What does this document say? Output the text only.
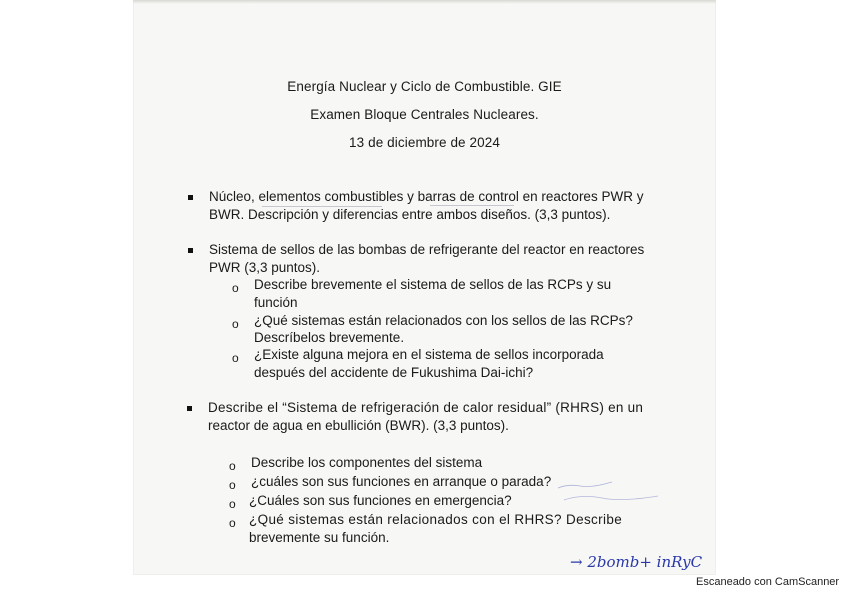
Energía Nuclear y Ciclo de Combustible. GIE
Examen Bloque Centrales Nucleares.
13 de diciembre de 2024
Núcleo, elementos combustibles y barras de control en reactores PWR y
BWR. Descripción y diferencias entre ambos diseños. (3,3 puntos).
Sistema de sellos de las bombas de refrigerante del reactor en reactores
PWR (3,3 puntos).
o Describe brevemente el sistema de sellos de las RCPs y su
función
o ¿Qué sistemas están relacionados con los sellos de las RCPs?
Descríbelos brevemente.
o ¿Existe alguna mejora en el sistema de sellos incorporada
después del accidente de Fukushima Dai-ichi?
Describe el “Sistema de refrigeración de calor residual” (RHRS) en un
reactor de agua en ebullición (BWR). (3,3 puntos).
o Describe los componentes del sistema
o ¿cuáles son sus funciones en arranque o parada?
o ¿Cuáles son sus funciones en emergencia?
o ¿Qué sistemas están relacionados con el RHRS? Describe
brevemente su función.
→ 2bomb+ inRyC
Escaneado con CamScanner
